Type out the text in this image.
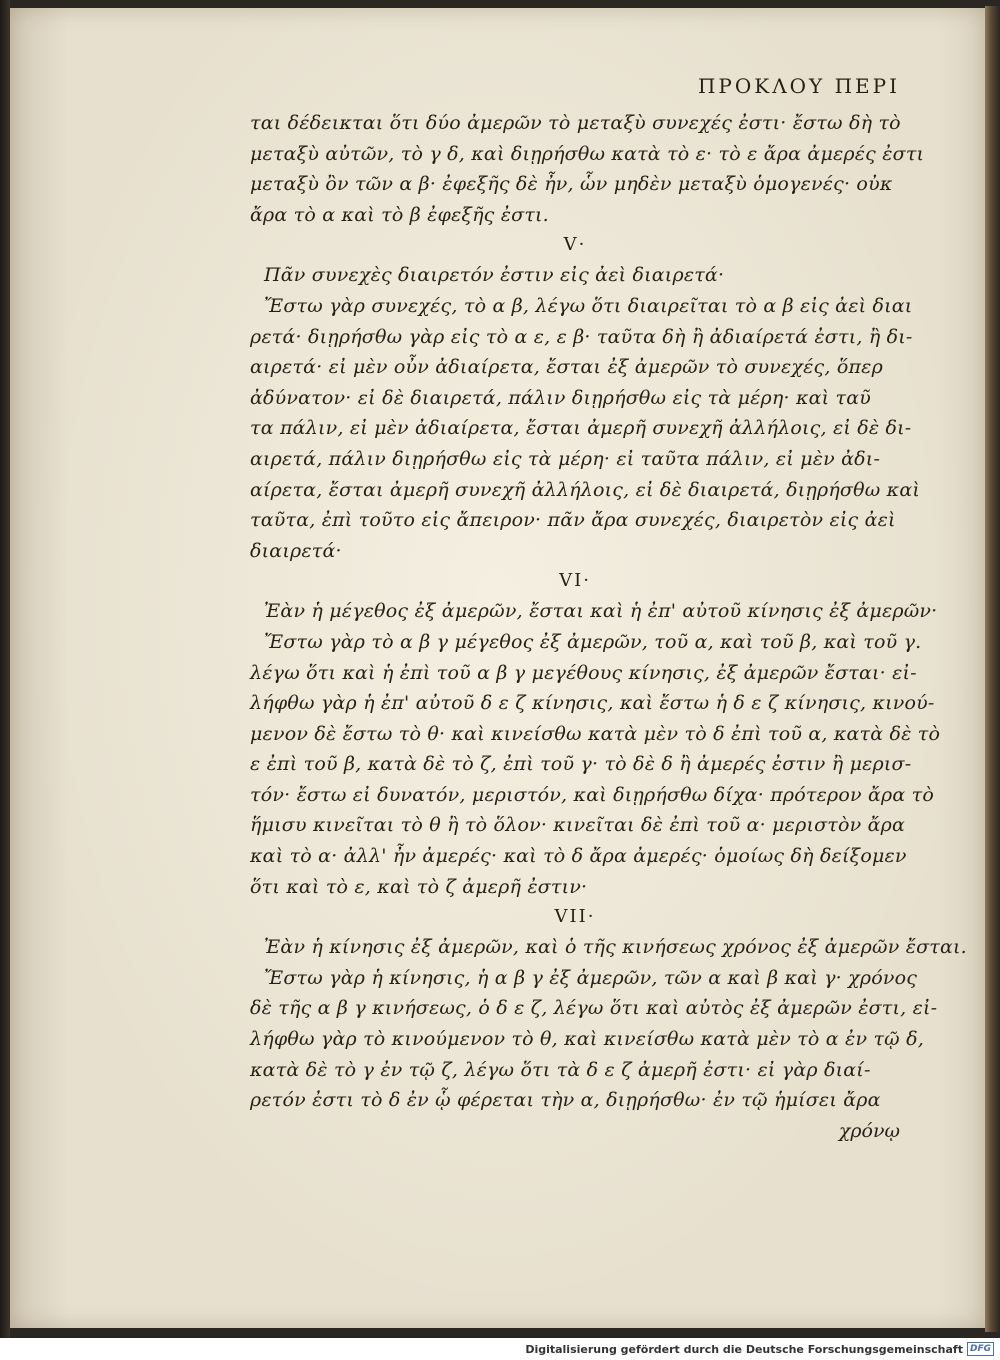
ΠΡΟΚΛΟΥ ΠΕΡΙ
ται δέδεικται ὅτι δύο ἀμερῶν τὸ μεταξὺ συνεχές ἐστι· ἔστω δὴ τὸ
μεταξὺ αὐτῶν, τὸ γ δ, καὶ διῃρήσθω κατὰ τὸ ε· τὸ ε ἄρα ἀμερές ἐστι
μεταξὺ ὂν τῶν α β· ἐφεξῆς δὲ ἦν, ὧν μηδὲν μεταξὺ ὁμογενές· οὐκ
ἄρα τὸ α καὶ τὸ β ἐφεξῆς ἐστι.
V·
Πᾶν συνεχὲς διαιρετόν ἐστιν εἰς ἀεὶ διαιρετά·
Ἔστω γὰρ συνεχές, τὸ α β, λέγω ὅτι διαιρεῖται τὸ α β εἰς ἀεὶ διαι
ρετά· διῃρήσθω γὰρ εἰς τὸ α ε, ε β· ταῦτα δὴ ἢ ἀδιαίρετά ἐστι, ἢ δι-
αιρετά· εἰ μὲν οὖν ἀδιαίρετα, ἔσται ἐξ ἀμερῶν τὸ συνεχές, ὅπερ
ἀδύνατον· εἰ δὲ διαιρετά, πάλιν διῃρήσθω εἰς τὰ μέρη· καὶ ταῦ
τα πάλιν, εἰ μὲν ἀδιαίρετα, ἔσται ἀμερῆ συνεχῆ ἀλλήλοις, εἰ δὲ δι-
αιρετά, πάλιν διῃρήσθω εἰς τὰ μέρη· εἰ ταῦτα πάλιν, εἰ μὲν ἀδι-
αίρετα, ἔσται ἀμερῆ συνεχῆ ἀλλήλοις, εἰ δὲ διαιρετά, διῃρήσθω καὶ
ταῦτα, ἐπὶ τοῦτο εἰς ἄπειρον· πᾶν ἄρα συνεχές, διαιρετὸν εἰς ἀεὶ
διαιρετά·
VI·
Ἐὰν ἡ μέγεθος ἐξ ἀμερῶν, ἔσται καὶ ἡ ἐπ' αὐτοῦ κίνησις ἐξ ἀμερῶν·
Ἔστω γὰρ τὸ α β γ μέγεθος ἐξ ἀμερῶν, τοῦ α, καὶ τοῦ β, καὶ τοῦ γ.
λέγω ὅτι καὶ ἡ ἐπὶ τοῦ α β γ μεγέθους κίνησις, ἐξ ἀμερῶν ἔσται· εἰ-
λήφθω γὰρ ἡ ἐπ' αὐτοῦ δ ε ζ κίνησις, καὶ ἔστω ἡ δ ε ζ κίνησις, κινού-
μενον δὲ ἔστω τὸ θ· καὶ κινείσθω κατὰ μὲν τὸ δ ἐπὶ τοῦ α, κατὰ δὲ τὸ
ε ἐπὶ τοῦ β, κατὰ δὲ τὸ ζ, ἐπὶ τοῦ γ· τὸ δὲ δ ἢ ἀμερές ἐστιν ἢ μερισ-
τόν· ἔστω εἰ δυνατόν, μεριστόν, καὶ διῃρήσθω δίχα· πρότερον ἄρα τὸ
ἥμισυ κινεῖται τὸ θ ἢ τὸ ὅλον· κινεῖται δὲ ἐπὶ τοῦ α· μεριστὸν ἄρα
καὶ τὸ α· ἀλλ' ἦν ἀμερές· καὶ τὸ δ ἄρα ἀμερές· ὁμοίως δὴ δείξομεν
ὅτι καὶ τὸ ε, καὶ τὸ ζ ἀμερῆ ἐστιν·
VII·
Ἐὰν ἡ κίνησις ἐξ ἀμερῶν, καὶ ὁ τῆς κινήσεως χρόνος ἐξ ἀμερῶν ἔσται.
Ἔστω γὰρ ἡ κίνησις, ἡ α β γ ἐξ ἀμερῶν, τῶν α καὶ β καὶ γ· χρόνος
δὲ τῆς α β γ κινήσεως, ὁ δ ε ζ, λέγω ὅτι καὶ αὐτὸς ἐξ ἀμερῶν ἐστι, εἰ-
λήφθω γὰρ τὸ κινούμενον τὸ θ, καὶ κινείσθω κατὰ μὲν τὸ α ἐν τῷ δ,
κατὰ δὲ τὸ γ ἐν τῷ ζ, λέγω ὅτι τὰ δ ε ζ ἀμερῆ ἐστι· εἰ γὰρ διαί-
ρετόν ἐστι τὸ δ ἐν ᾧ φέρεται τὴν α, διῃρήσθω· ἐν τῷ ἡμίσει ἄρα
χρόνῳ
Digitalisierung gefördert durch die Deutsche Forschungsgemeinschaft DFG
